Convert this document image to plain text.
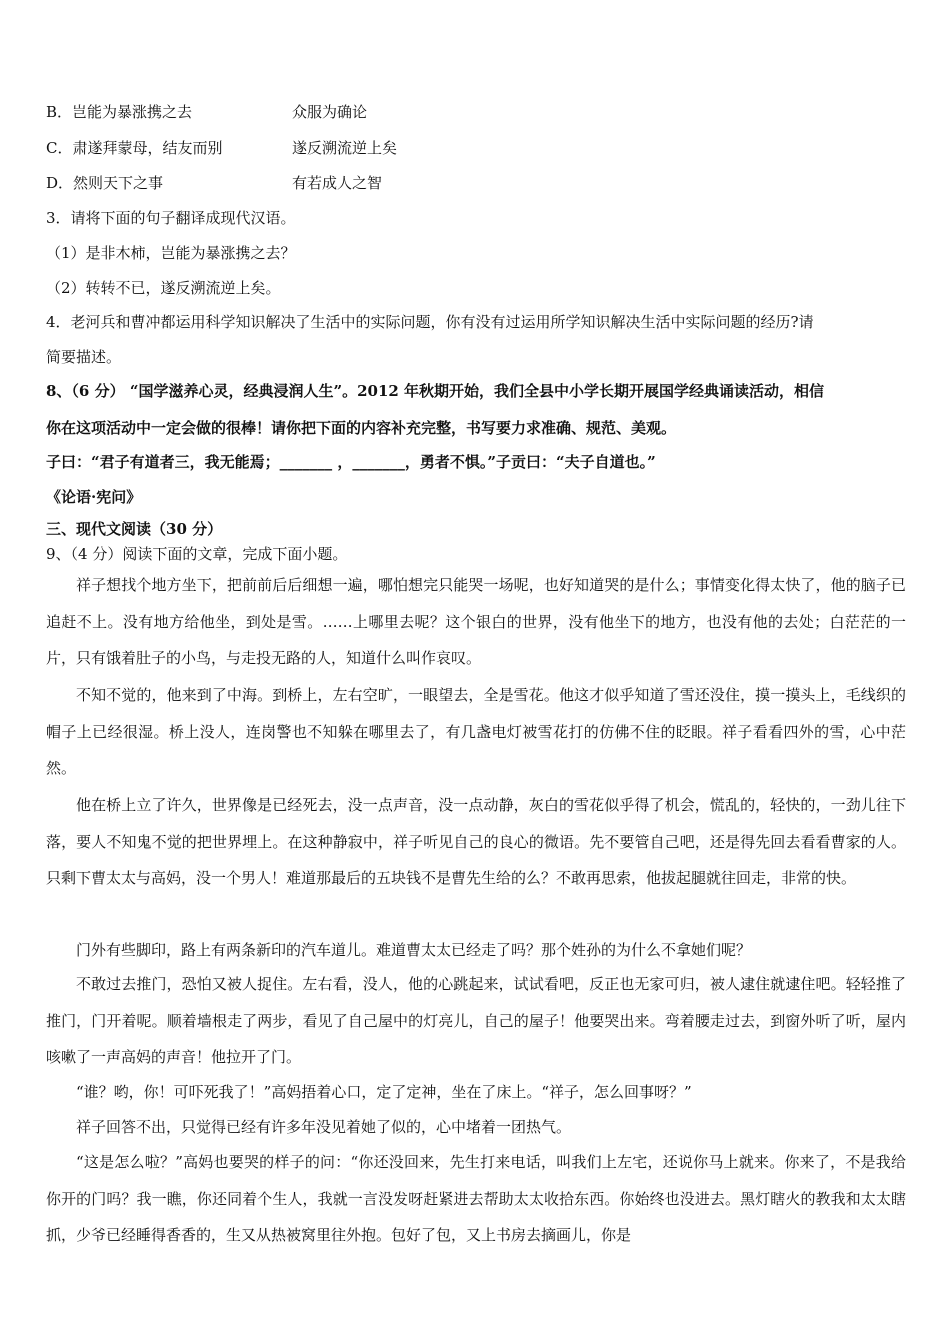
B．岂能为暴涨携之去	众服为确论
C．肃遂拜蒙母，结友而别	遂反溯流逆上矣
D．然则天下之事	有若成人之智
3．请将下面的句子翻译成现代汉语。
（1）是非木柿，岂能为暴涨携之去？
（2）转转不已，遂反溯流逆上矣。
4．老河兵和曹冲都运用科学知识解决了生活中的实际问题，你有没有过运用所学知识解决生活中实际问题的经历?请
简要描述。
8、（6 分） “国学滋养心灵，经典浸润人生”。2012 年秋期开始，我们全县中小学长期开展国学经典诵读活动，相信
你在这项活动中一定会做的很棒！请你把下面的内容补充完整，书写要力求准确、规范、美观。
子曰：“君子有道者三，我无能焉；_______ ，_______，勇者不惧。”子贡曰：“夫子自道也。”
《论语·宪问》
三、现代文阅读（30 分）
9、（4 分）阅读下面的文章，完成下面小题。
祥子想找个地方坐下，把前前后后细想一遍，哪怕想完只能哭一场呢，也好知道哭的是什么；事情变化得太快了，他的脑子已追赶不上。没有地方给他坐，到处是雪。……上哪里去呢？这个银白的世界，没有他坐下的地方，也没有他的去处；白茫茫的一片，只有饿着肚子的小鸟，与走投无路的人，知道什么叫作哀叹。
不知不觉的，他来到了中海。到桥上，左右空旷，一眼望去，全是雪花。他这才似乎知道了雪还没住，摸一摸头上，毛线织的帽子上已经很湿。桥上没人，连岗警也不知躲在哪里去了，有几盏电灯被雪花打的仿佛不住的眨眼。祥子看看四外的雪，心中茫然。
他在桥上立了许久，世界像是已经死去，没一点声音，没一点动静，灰白的雪花似乎得了机会，慌乱的，轻快的，一劲儿往下落，要人不知鬼不觉的把世界埋上。在这种静寂中，祥子听见自己的良心的微语。先不要管自己吧，还是得先回去看看曹家的人。只剩下曹太太与高妈，没一个男人！难道那最后的五块钱不是曹先生给的么？不敢再思索，他拔起腿就往回走，非常的快。
门外有些脚印，路上有两条新印的汽车道儿。难道曹太太已经走了吗？那个姓孙的为什么不拿她们呢？
不敢过去推门，恐怕又被人捉住。左右看，没人，他的心跳起来，试试看吧，反正也无家可归，被人逮住就逮住吧。轻轻推了推门，门开着呢。顺着墙根走了两步，看见了自己屋中的灯亮儿，自己的屋子！他要哭出来。弯着腰走过去，到窗外听了听，屋内咳嗽了一声高妈的声音！他拉开了门。
“谁？哟，你！可吓死我了！”高妈捂着心口，定了定神，坐在了床上。“祥子，怎么回事呀？”
祥子回答不出，只觉得已经有许多年没见着她了似的，心中堵着一团热气。
“这是怎么啦？”高妈也要哭的样子的问：“你还没回来，先生打来电话，叫我们上左宅，还说你马上就来。你来了，不是我给你开的门吗？我一瞧，你还同着个生人，我就一言没发呀赶紧进去帮助太太收拾东西。你始终也没进去。黑灯瞎火的教我和太太瞎抓，少爷已经睡得香香的，生又从热被窝里往外抱。包好了包，又上书房去摘画儿，你是
